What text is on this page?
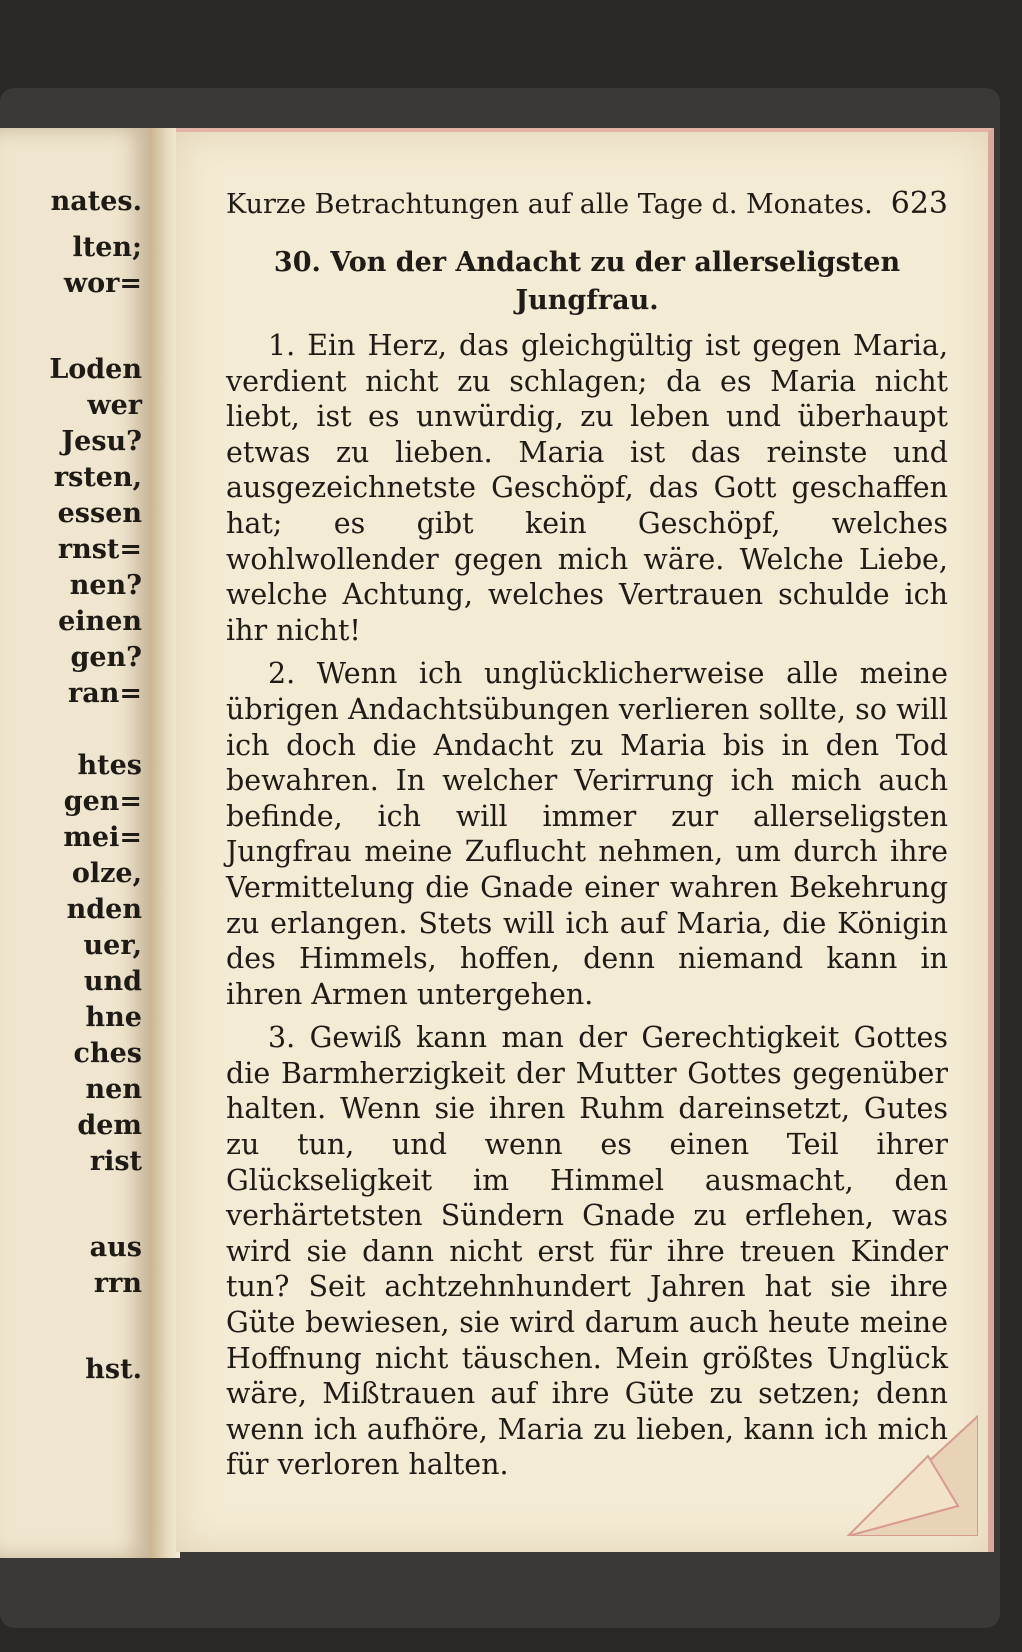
nates.

lten;

wor=

Loden

wer

Jesu?

rsten,

essen

rnst=

nen?

einen

gen?

ran=

htes

gen=

mei=

olze,

nden

uer,

und

hne

ches

nen

dem

rist

aus

rrn

hst.

Kurze Betrachtungen auf alle Tage d. Monates. 623
30. Von der Andacht zu der allerseligsten
Jungfrau.

1. Ein Herz, das gleichgültig ist gegen Maria, verdient nicht zu schlagen; da es Maria nicht liebt, ist es unwürdig, zu leben und überhaupt etwas zu lieben. Maria ist das reinste und ausgezeichnetste Geschöpf, das Gott geschaffen hat; es gibt kein Geschöpf, welches wohlwollender gegen mich wäre. Welche Liebe, welche Achtung, welches Vertrauen schulde ich ihr nicht!

2. Wenn ich unglücklicherweise alle meine übrigen Andachtsübungen verlieren sollte, so will ich doch die Andacht zu Maria bis in den Tod bewahren. In welcher Verirrung ich mich auch befinde, ich will immer zur allerseligsten Jungfrau meine Zuflucht nehmen, um durch ihre Vermittelung die Gnade einer wahren Bekehrung zu erlangen. Stets will ich auf Maria, die Königin des Himmels, hoffen, denn niemand kann in ihren Armen untergehen.

3. Gewiß kann man der Gerechtigkeit Gottes die Barmherzigkeit der Mutter Gottes gegenüber halten. Wenn sie ihren Ruhm dareinsetzt, Gutes zu tun, und wenn es einen Teil ihrer Glückseligkeit im Himmel ausmacht, den verhärtetsten Sündern Gnade zu erflehen, was wird sie dann nicht erst für ihre treuen Kinder tun? Seit achtzehnhundert Jahren hat sie ihre Güte bewiesen, sie wird darum auch heute meine Hoffnung nicht täuschen. Mein größtes Unglück wäre, Mißtrauen auf ihre Güte zu setzen; denn wenn ich aufhöre, Maria zu lieben, kann ich mich für verloren halten.
